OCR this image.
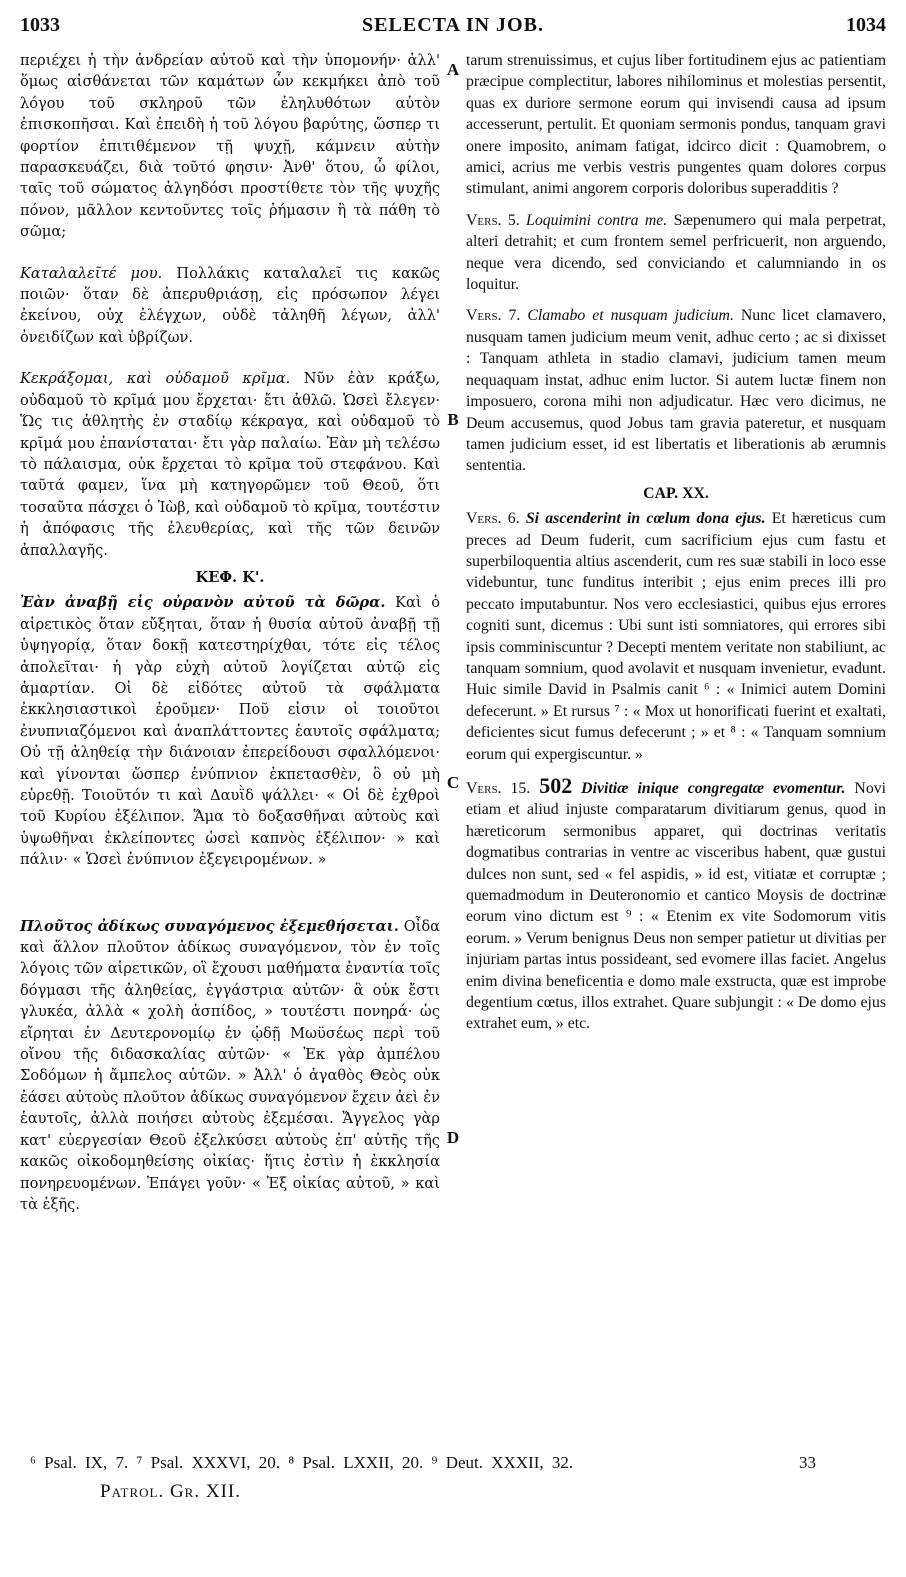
1033	SELECTA IN JOB.	1034
A
B
C
D

περιέχει ἡ τὴν ἀνδρείαν αὐτοῦ καὶ τὴν ὑπομονήν· ἀλλ' ὅμως αἰσθάνεται τῶν καμάτων ὧν κεκμήκει ἀπὸ τοῦ λόγου τοῦ σκληροῦ τῶν ἐληλυθότων αὐτὸν ἐπισκοπῆσαι. Καὶ ἐπειδὴ ἡ τοῦ λόγου βαρύτης, ὥσπερ τι φορτίον ἐπιτιθέμενον τῇ ψυχῇ, κάμνειν αὐτὴν παρασκευάζει, διὰ τοῦτό φησιν· Ἀνθ' ὅτου, ὦ φίλοι, ταῖς τοῦ σώματος ἀλγηδόσι προστίθετε τὸν τῆς ψυχῆς πόνον, μᾶλλον κεντοῦντες τοῖς ῥήμασιν ἢ τὰ πάθη τὸ σῶμα;

Καταλαλεῖτέ μου. Πολλάκις καταλαλεῖ τις κακῶς ποιῶν· ὅταν δὲ ἀπερυθριάσῃ, εἰς πρόσωπον λέγει ἐκείνου, οὐχ ἐλέγχων, οὐδὲ τἀληθῆ λέγων, ἀλλ' ὀνειδίζων καὶ ὑβρίζων.

Κεκράξομαι, καὶ οὐδαμοῦ κρῖμα. Νῦν ἐὰν κράξω, οὐδαμοῦ τὸ κρῖμά μου ἔρχεται· ἔτι ἀθλῶ. Ὡσεὶ ἔλεγεν· Ὥς τις ἀθλητὴς ἐν σταδίῳ κέκραγα, καὶ οὐδαμοῦ τὸ κρῖμά μου ἐπανίσταται· ἔτι γὰρ παλαίω. Ἐὰν μὴ τελέσω τὸ πάλαισμα, οὐκ ἔρχεται τὸ κρῖμα τοῦ στεφάνου. Καὶ ταῦτά φαμεν, ἵνα μὴ κατηγορῶμεν τοῦ Θεοῦ, ὅτι τοσαῦτα πάσχει ὁ Ἰὼβ, καὶ οὐδαμοῦ τὸ κρῖμα, τουτέστιν ἡ ἀπόφασις τῆς ἐλευθερίας, καὶ τῆς τῶν δεινῶν ἀπαλλαγῆς.

ΚΕΦ. Κ'.

Ἐὰν ἀναβῇ εἰς οὐρανὸν αὐτοῦ τὰ δῶρα. Καὶ ὁ αἱρετικὸς ὅταν εὔξηται, ὅταν ἡ θυσία αὐτοῦ ἀναβῇ τῇ ὑψηγορίᾳ, ὅταν δοκῇ κατεστηρίχθαι, τότε εἰς τέλος ἀπολεῖται· ἡ γὰρ εὐχὴ αὐτοῦ λογίζεται αὐτῷ εἰς ἁμαρτίαν. Οἱ δὲ εἰδότες αὐτοῦ τὰ σφάλματα ἐκκλησιαστικοὶ ἐροῦμεν· Ποῦ εἰσιν οἱ τοιοῦτοι ἐνυπνιαζόμενοι καὶ ἀναπλάττοντες ἑαυτοῖς σφάλματα; Οὐ τῇ ἀληθείᾳ τὴν διάνοιαν ἐπερείδουσι σφαλλόμενοι· καὶ γίνονται ὥσπερ ἐνύπνιον ἐκπετασθὲν, ὃ οὐ μὴ εὑρεθῇ. Τοιοῦτόν τι καὶ Δαυῒδ ψάλλει· « Οἱ δὲ ἐχθροὶ τοῦ Κυρίου ἐξέλιπον. Ἅμα τὸ δοξασθῆναι αὐτοὺς καὶ ὑψωθῆναι ἐκλείποντες ὡσεὶ καπνὸς ἐξέλιπον· » καὶ πάλιν· « Ὡσεὶ ἐνύπνιον ἐξεγειρομένων. »

Πλοῦτος ἀδίκως συναγόμενος ἐξεμεθήσεται. Οἶδα καὶ ἄλλον πλοῦτον ἀδίκως συναγόμενον, τὸν ἐν τοῖς λόγοις τῶν αἱρετικῶν, οἳ ἔχουσι μαθήματα ἐναντία τοῖς δόγμασι τῆς ἀληθείας, ἐγγάστρια αὐτῶν· ἃ οὐκ ἔστι γλυκέα, ἀλλὰ « χολὴ ἀσπίδος, » τουτέστι πονηρά· ὡς εἴρηται ἐν Δευτερονομίῳ ἐν ᾠδῇ Μωϋσέως περὶ τοῦ οἴνου τῆς διδασκαλίας αὐτῶν· « Ἐκ γὰρ ἀμπέλου Σοδόμων ἡ ἄμπελος αὐτῶν. » Ἀλλ' ὁ ἀγαθὸς Θεὸς οὐκ ἐάσει αὐτοὺς πλοῦτον ἀδίκως συναγόμενον ἔχειν ἀεὶ ἐν ἑαυτοῖς, ἀλλὰ ποιήσει αὐτοὺς ἐξεμέσαι. Ἄγγελος γὰρ κατ' εὐεργεσίαν Θεοῦ ἐξελκύσει αὐτοὺς ἐπ' αὐτῆς τῆς κακῶς οἰκοδομηθείσης οἰκίας· ἥτις ἐστὶν ἡ ἐκκλησία πονηρευομένων. Ἐπάγει γοῦν· « Ἐξ οἰκίας αὐτοῦ, » καὶ τὰ ἑξῆς.

tarum strenuissimus, et cujus liber fortitudinem ejus ac patientiam præcipue complectitur, labores nihilominus et molestias persentit, quas ex duriore sermone eorum qui invisendi causa ad ipsum accesserunt, pertulit. Et quoniam sermonis pondus, tanquam gravi onere imposito, animam fatigat, idcirco dicit : Quamobrem, o amici, acrius me verbis vestris pungentes quam dolores corpus stimulant, animi angorem corporis doloribus superadditis ?

Vers. 5. Loquimini contra me. Sæpenumero qui mala perpetrat, alteri detrahit; et cum frontem semel perfricuerit, non arguendo, neque vera dicendo, sed conviciando et calumniando in os loquitur.

Vers. 7. Clamabo et nusquam judicium. Nunc licet clamavero, nusquam tamen judicium meum venit, adhuc certo ; ac si dixisset : Tanquam athleta in stadio clamavi, judicium tamen meum nequaquam instat, adhuc enim luctor. Si autem luctæ finem non imposuero, corona mihi non adjudicatur. Hæc vero dicimus, ne Deum accusemus, quod Jobus tam gravia pateretur, et nusquam tamen judicium esset, id est libertatis et liberationis ab ærumnis sententia.

CAP. XX.

Vers. 6. Si ascenderint in cœlum dona ejus. Et hæreticus cum preces ad Deum fuderit, cum sacrificium ejus cum fastu et superbiloquentia altius ascenderit, cum res suæ stabili in loco esse videbuntur, tunc funditus interibit ; ejus enim preces illi pro peccato imputabuntur. Nos vero ecclesiastici, quibus ejus errores cogniti sunt, dicemus : Ubi sunt isti somniatores, qui errores sibi ipsis comminiscuntur ? Decepti mentem veritate non stabiliunt, ac tanquam somnium, quod avolavit et nusquam invenietur, evadunt. Huic simile David in Psalmis canit ⁶ : « Inimici autem Domini defecerunt. » Et rursus ⁷ : « Mox ut honorificati fuerint et exaltati, deficientes sicut fumus defecerunt ; » et ⁸ : « Tanquam somnium eorum qui expergiscuntur. »

Vers. 15. 502 Divitiæ inique congregatæ evomentur. Novi etiam et aliud injuste comparatarum divitiarum genus, quod in hæreticorum sermonibus apparet, qui doctrinas veritatis dogmatibus contrarias in ventre ac visceribus habent, quæ gustui dulces non sunt, sed « fel aspidis, » id est, vitiatæ et corruptæ ; quemadmodum in Deuteronomio et cantico Moysis de doctrinæ eorum vino dictum est ⁹ : « Etenim ex vite Sodomorum vitis eorum. » Verum benignus Deus non semper patietur ut divitias per injuriam partas intus possideant, sed evomere illas faciet. Angelus enim divina beneficentia e domo male exstructa, quæ est improbe degentium cœtus, illos extrahet. Quare subjungit : « De domo ejus extrahet eum, » etc.

⁶ Psal. IX, 7. ⁷ Psal. XXXVI, 20. ⁸ Psal. LXXII, 20. ⁹ Deut. XXXII, 32.	33
Patrol. Gr. XII.
